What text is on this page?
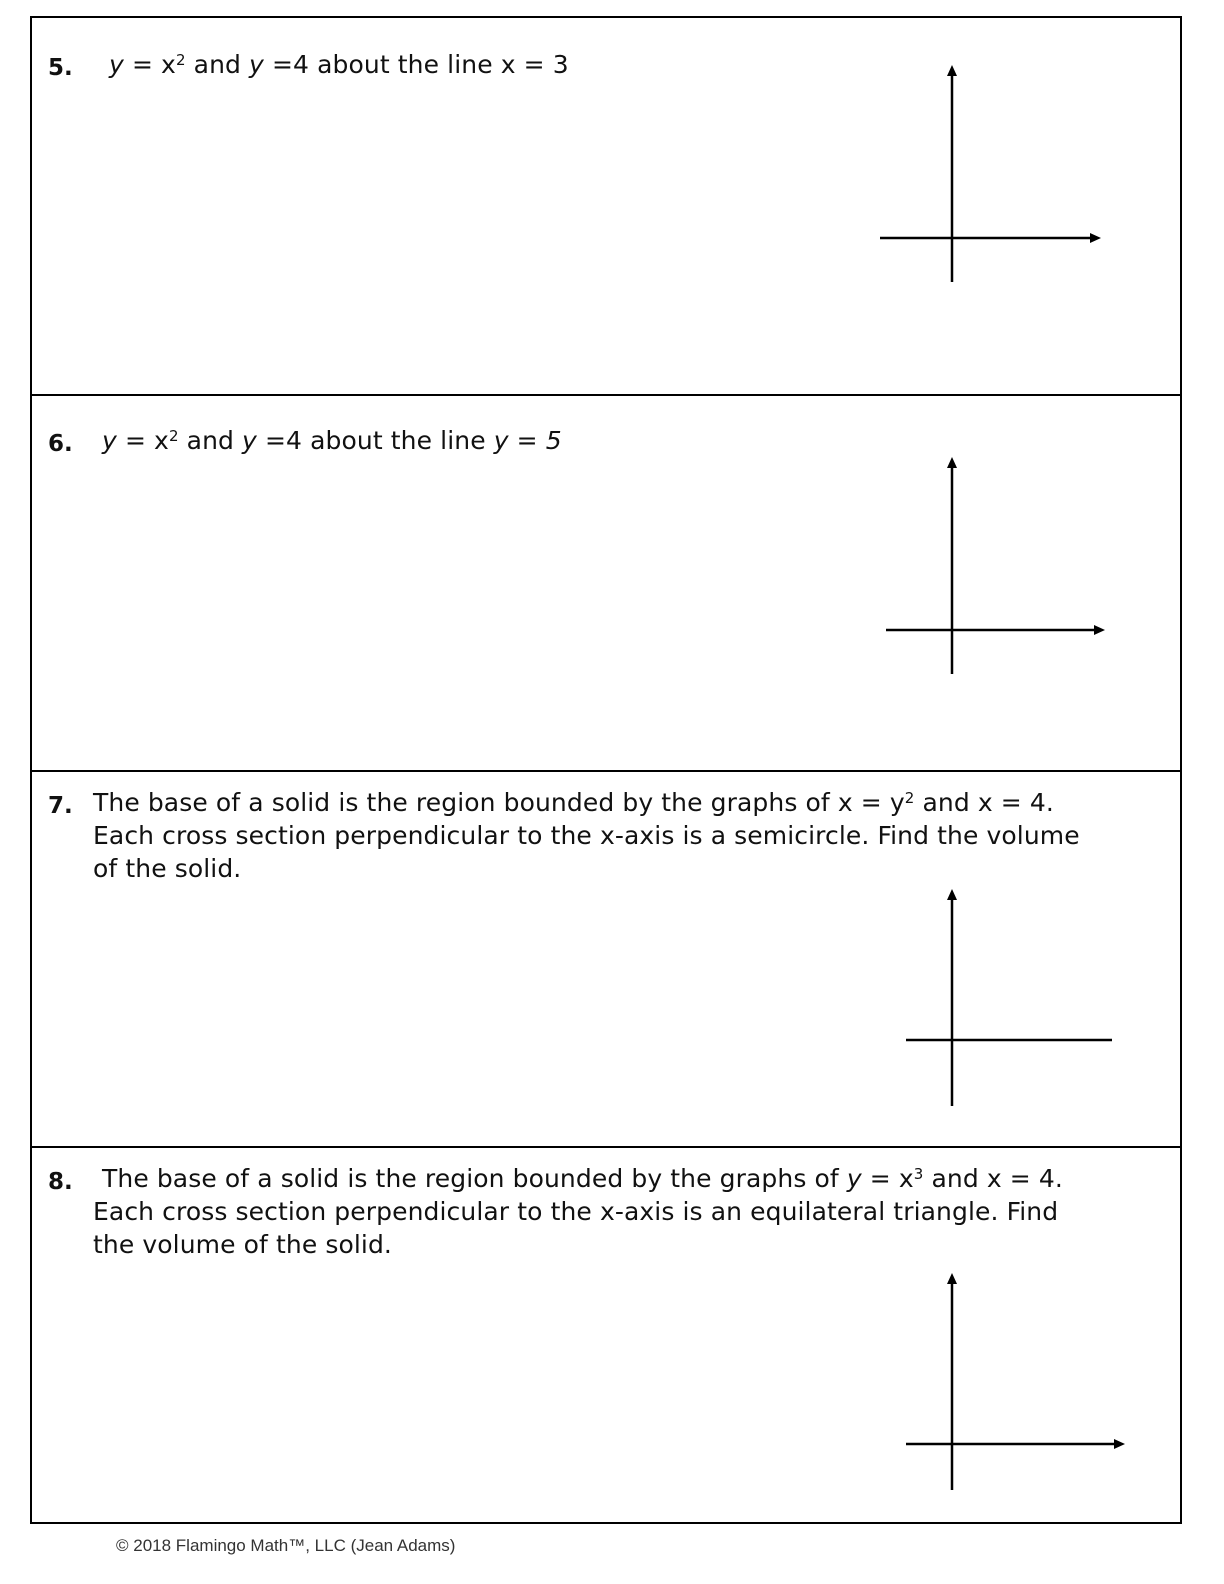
5. $y = x^2$ and y =4 about the line x = 3
6. $y = x^2$ and y =4 about the line y = 5
7. The base of a solid is the region bounded by the graphs of $x = y^2$ and x = 4.
Each cross section perpendicular to the x-axis is a semicircle. Find the volume
of the solid.
8. The base of a solid is the region bounded by the graphs of $y = x^3$ and x = 4.
Each cross section perpendicular to the x-axis is an equilateral triangle. Find
the volume of the solid.
© 2018 Flamingo Math™, LLC (Jean Adams)
